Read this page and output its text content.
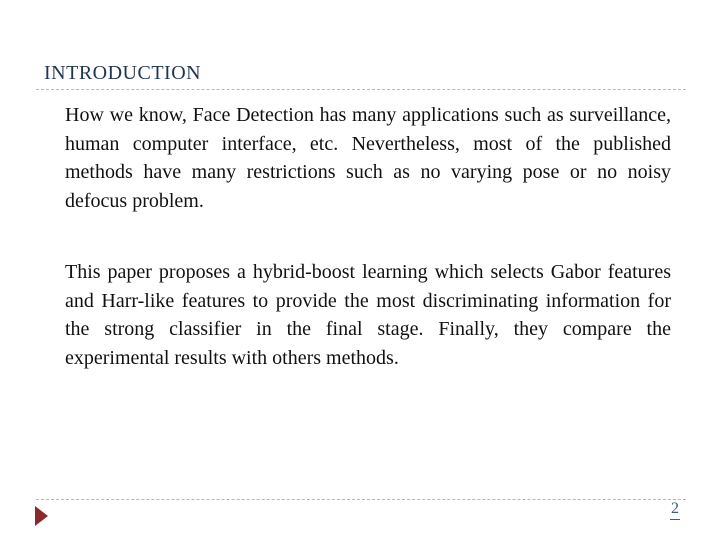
INTRODUCTION

How we know, Face Detection has many applications such as surveillance, human computer interface, etc. Nevertheless, most of the published methods have many restrictions such as no varying pose or no noisy defocus problem.

This paper proposes a hybrid-boost learning which selects Gabor features and Harr-like features to provide the most discriminating information for the strong classifier in the final stage. Finally, they compare the experimental results with others methods.

2
